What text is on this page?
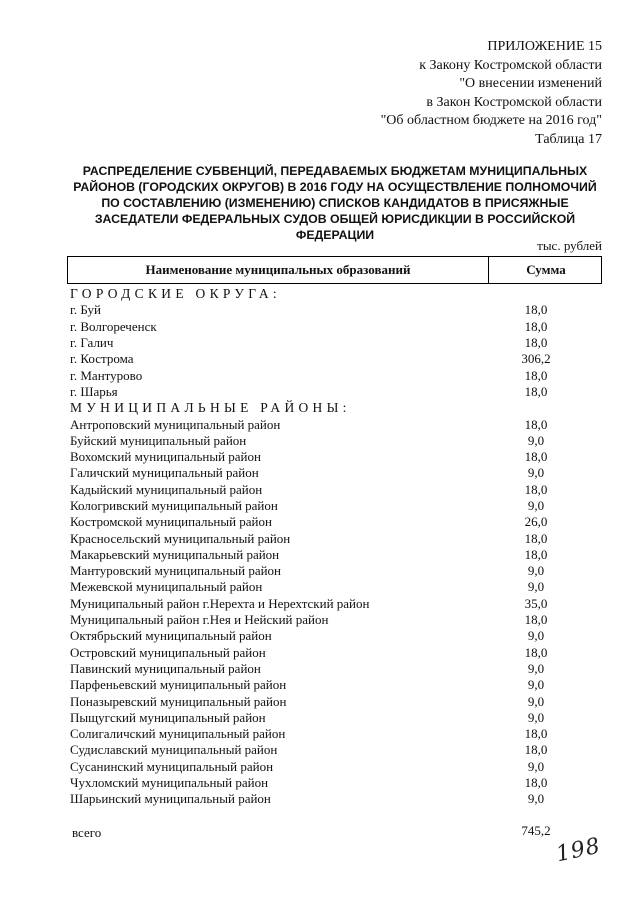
ПРИЛОЖЕНИЕ 15
к Закону Костромской области
"О внесении изменений
в Закон Костромской области
"Об областном бюджете на 2016 год"
Таблица 17
РАСПРЕДЕЛЕНИЕ СУБВЕНЦИЙ, ПЕРЕДАВАЕМЫХ БЮДЖЕТАМ МУНИЦИПАЛЬНЫХ РАЙОНОВ (ГОРОДСКИХ ОКРУГОВ) В 2016 ГОДУ НА ОСУЩЕСТВЛЕНИЕ ПОЛНОМОЧИЙ ПО СОСТАВЛЕНИЮ (ИЗМЕНЕНИЮ) СПИСКОВ КАНДИДАТОВ В ПРИСЯЖНЫЕ ЗАСЕДАТЕЛИ ФЕДЕРАЛЬНЫХ СУДОВ ОБЩЕЙ ЮРИСДИКЦИИ В РОССИЙСКОЙ ФЕДЕРАЦИИ
тыс. рублей
Наименование муниципальных образований	Сумма
ГОРОДСКИЕ ОКРУГА:
г. Буй	18,0
г. Волгореченск	18,0
г. Галич	18,0
г. Кострома	306,2
г. Мантурово	18,0
г. Шарья	18,0
МУНИЦИПАЛЬНЫЕ РАЙОНЫ:
Антроповский муниципальный район	18,0
Буйский муниципальный район	9,0
Вохомский муниципальный район	18,0
Галичский муниципальный район	9,0
Кадыйский муниципальный район	18,0
Кологривский муниципальный район	9,0
Костромской муниципальный район	26,0
Красносельский муниципальный район	18,0
Макарьевский муниципальный район	18,0
Мантуровский муниципальный район	9,0
Межевской муниципальный район	9,0
Муниципальный район г.Нерехта и Нерехтский район	35,0
Муниципальный район г.Нея и Нейский район	18,0
Октябрьский муниципальный район	9,0
Островский муниципальный район	18,0
Павинский муниципальный район	9,0
Парфеньевский муниципальный район	9,0
Поназыревский муниципальный район	9,0
Пыщугский муниципальный район	9,0
Солигаличский муниципальный район	18,0
Судиславский муниципальный район	18,0
Сусанинский муниципальный район	9,0
Чухломский муниципальный район	18,0
Шарьинский муниципальный район	9,0
всего	745,2
198
